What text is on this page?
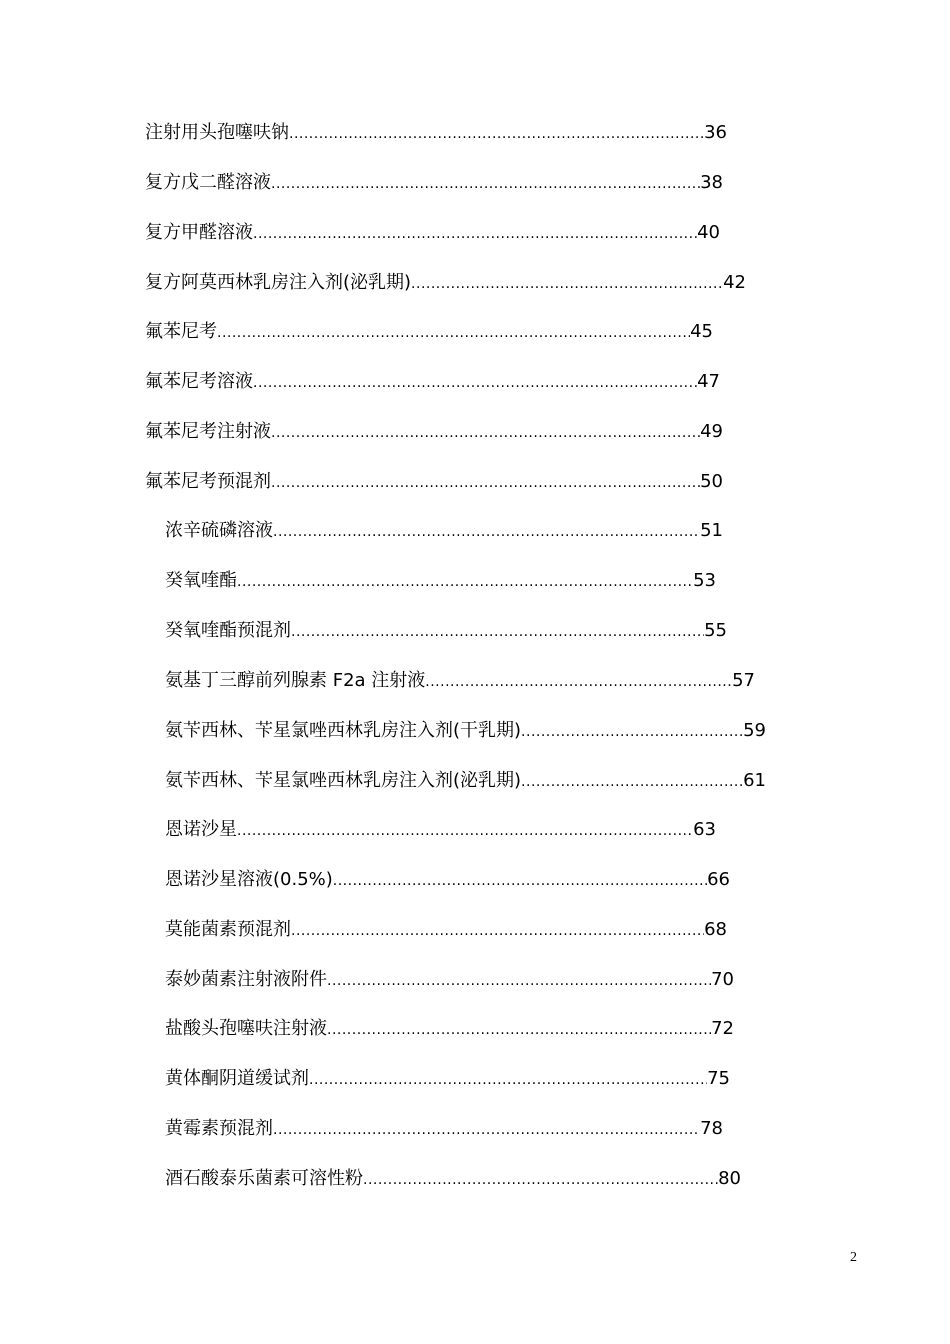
注射用头孢噻呋钠 .....	36
复方戊二醛溶液 .....	38
复方甲醛溶液 .....	40
复方阿莫西林乳房注入剂(泌乳期) .....	42
氟苯尼考 .....	45
氟苯尼考溶液 .....	47
氟苯尼考注射液 .....	49
氟苯尼考预混剂 .....	50
浓辛硫磷溶液 .....	51
癸氧喹酯 .....	53
癸氧喹酯预混剂 .....	55
氨基丁三醇前列腺素 F2a 注射液 .....	57
氨苄西林、苄星氯唑西林乳房注入剂(干乳期) .....	59
氨苄西林、苄星氯唑西林乳房注入剂(泌乳期) .....	61
恩诺沙星 .....	63
恩诺沙星溶液(0.5%) .....	66
莫能菌素预混剂 .....	68
泰妙菌素注射液附件 .....	70
盐酸头孢噻呋注射液 .....	72
黄体酮阴道缓试剂 .....	75
黄霉素预混剂 .....	78
酒石酸泰乐菌素可溶性粉 .....	80
2
